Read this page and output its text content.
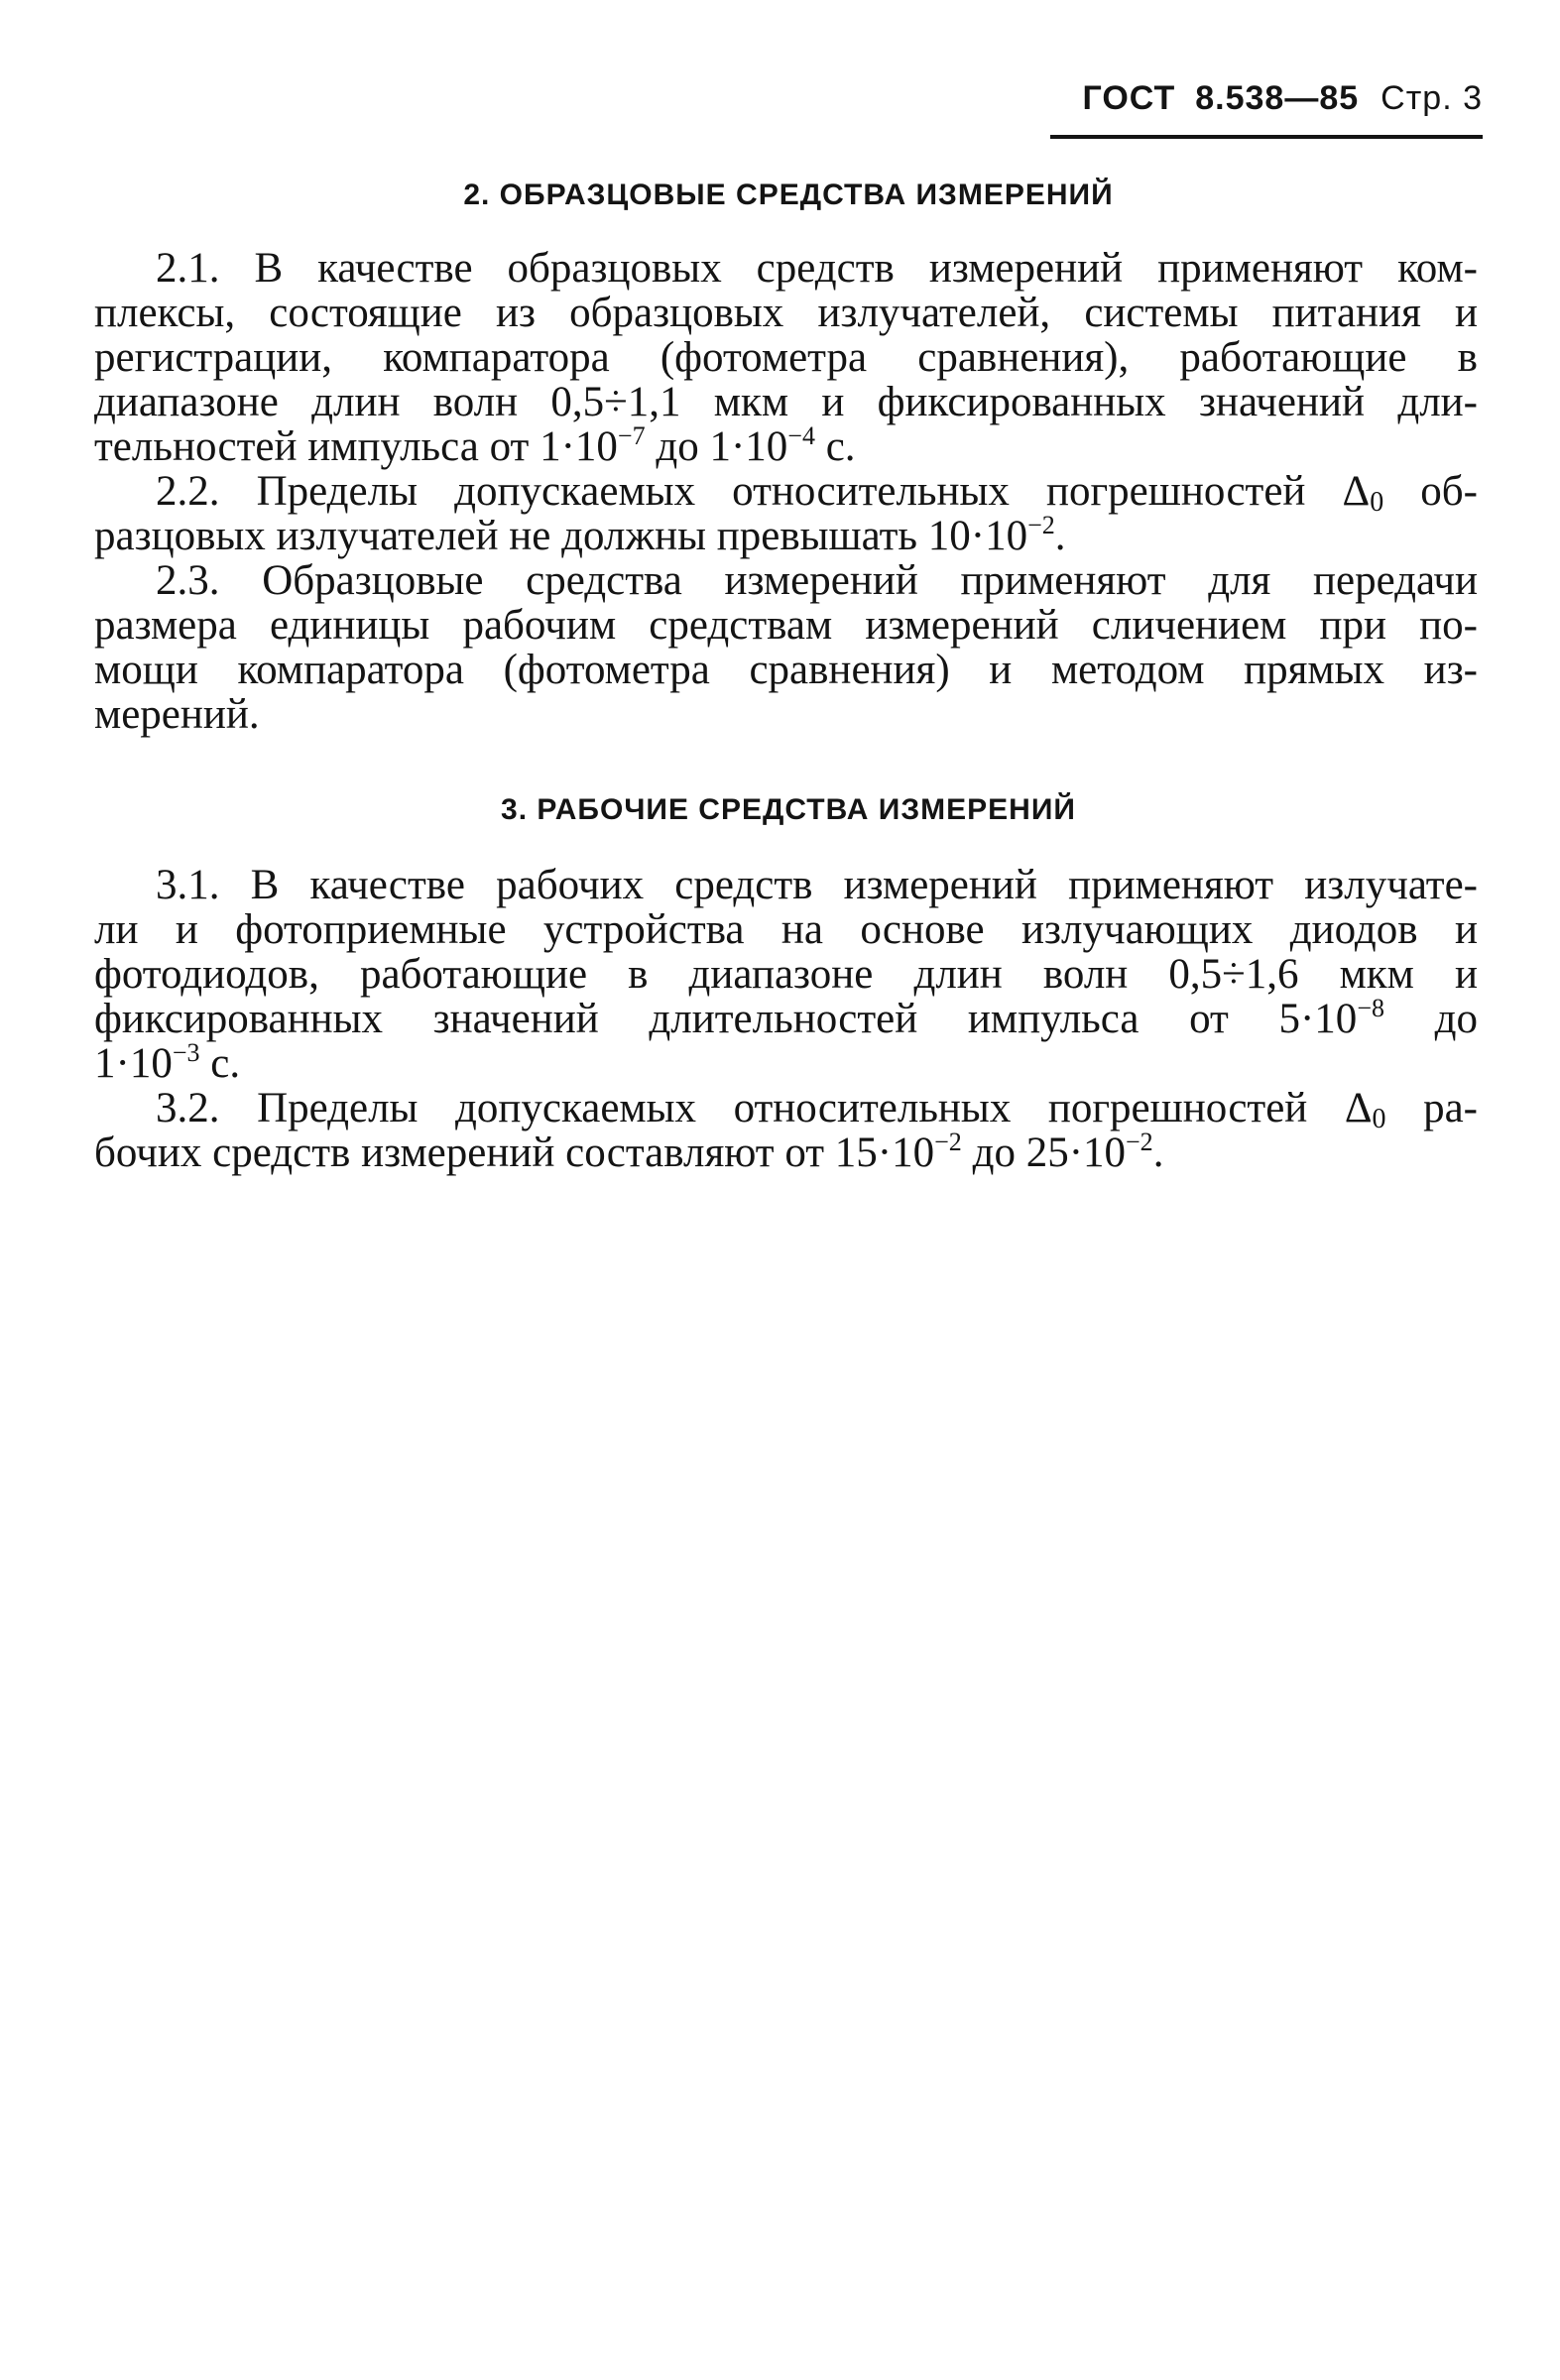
ГОСТ 8.538—85 Стр. 3
2. ОБРАЗЦОВЫЕ СРЕДСТВА ИЗМЕРЕНИЙ
2.1. В качестве образцовых средств измерений применяют ком-
плексы, состоящие из образцовых излучателей, системы питания и
регистрации, компаратора (фотометра сравнения), работающие в
диапазоне длин волн 0,5÷1,1 мкм и фиксированных значений дли-
тельностей импульса от $1\cdot 10^{-7}$ до $1\cdot 10^{-4}$ с.
2.2. Пределы допускаемых относительных погрешностей $\Delta_0$ об-
разцовых излучателей не должны превышать $10\cdot 10^{-2}$.
2.3. Образцовые средства измерений применяют для передачи
размера единицы рабочим средствам измерений сличением при по-
мощи компаратора (фотометра сравнения) и методом прямых из-
мерений.
3. РАБОЧИЕ СРЕДСТВА ИЗМЕРЕНИЙ
3.1. В качестве рабочих средств измерений применяют излучате-
ли и фотоприемные устройства на основе излучающих диодов и
фотодиодов, работающие в диапазоне длин волн 0,5÷1,6 мкм и
фиксированных значений длительностей импульса от $5\cdot 10^{-8}$ до
$1\cdot 10^{-3}$ с.
3.2. Пределы допускаемых относительных погрешностей $\Delta_0$ ра-
бочих средств измерений составляют от $15\cdot 10^{-2}$ до $25\cdot 10^{-2}$.
